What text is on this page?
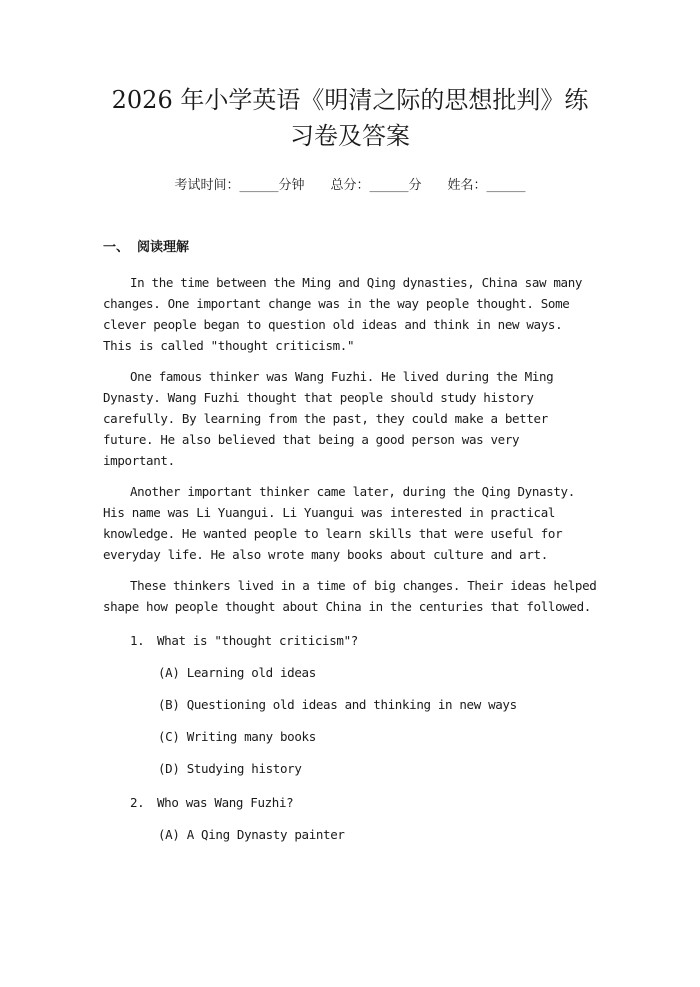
2026 年小学英语《明清之际的思想批判》练习卷及答案
考试时间：______分钟 总分：______分 姓名：______
一、 阅读理解

In the time between the Ming and Qing dynasties, China saw many changes. One important change was in the way people thought. Some clever people began to question old ideas and think in new ways. This is called "thought criticism."

One famous thinker was Wang Fuzhi. He lived during the Ming Dynasty. Wang Fuzhi thought that people should study history carefully. By learning from the past, they could make a better future. He also believed that being a good person was very important.

Another important thinker came later, during the Qing Dynasty. His name was Li Yuangui. Li Yuangui was interested in practical knowledge. He wanted people to learn skills that were useful for everyday life. He also wrote many books about culture and art.

These thinkers lived in a time of big changes. Their ideas helped shape how people thought about China in the centuries that followed.

1. What is "thought criticism"?
(A) Learning old ideas
(B) Questioning old ideas and thinking in new ways
(C) Writing many books
(D) Studying history
2. Who was Wang Fuzhi?
(A) A Qing Dynasty painter
